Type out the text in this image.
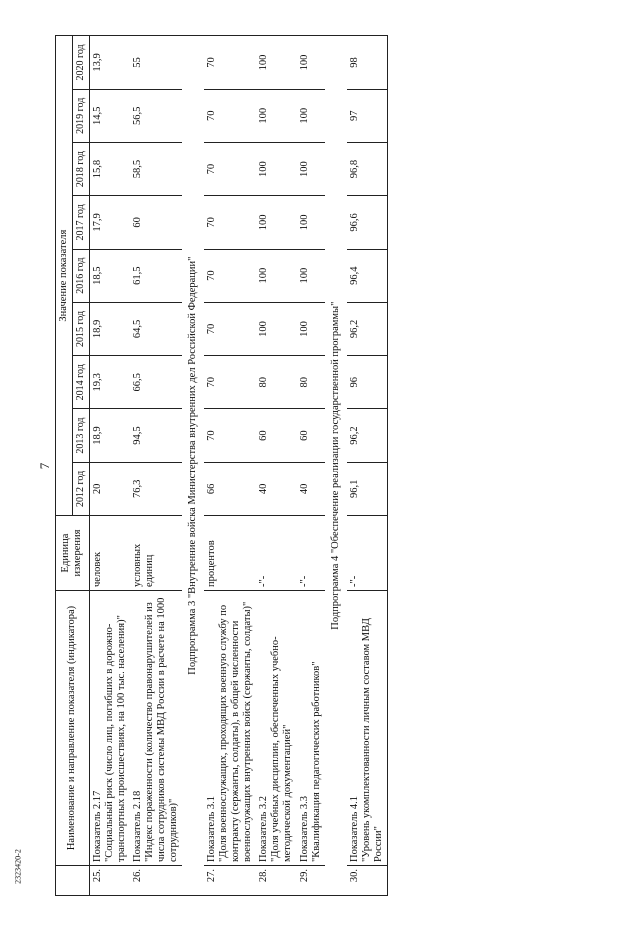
2323420-2
7
	Наименование и направление показателя (индикатора)	Единица измерения	Значение показателя								
			2012 год	2013 год	2014 год	2015 год	2016 год	2017 год	2018 год	2019 год	2020 год
25.	Показатель 2.17 "Социальный риск (число лиц, погибших в дорожно-транспортных происшествиях, на 100 тыс. населения)"	человек	20	18,9	19,3	18,9	18,5	17,9	15,8	14,5	13,9
26.	Показатель 2.18 "Индекс пораженности (количество правонарушителей из числа сотрудников системы МВД России в расчете на 1000 сотрудников)"	условных единиц	76,3	94,5	66,5	64,5	61,5	60	58,5	56,5	55
Подпрограмма 3 "Внутренние войска Министерства внутренних дел Российской Федерации"											
27.	Показатель 3.1 "Доля военнослужащих, проходящих военную службу по контракту (сержанты, солдаты), в общей численности военнослужащих внутренних войск (сержанты, солдаты)"	процентов	66	70	70	70	70	70	70	70	70
28.	Показатель 3.2 "Доля учебных дисциплин, обеспеченных учебно-методической документацией"	-"-	40	60	80	100	100	100	100	100	100
29.	Показатель 3.3 "Квалификация педагогических работников"	-"-	40	60	80	100	100	100	100	100	100
Подпрограмма 4 "Обеспечение реализации государственной программы"											
30.	Показатель 4.1 "Уровень укомплектованности личным составом МВД России"	-"-	96,1	96,2	96	96,2	96,4	96,6	96,8	97	98
